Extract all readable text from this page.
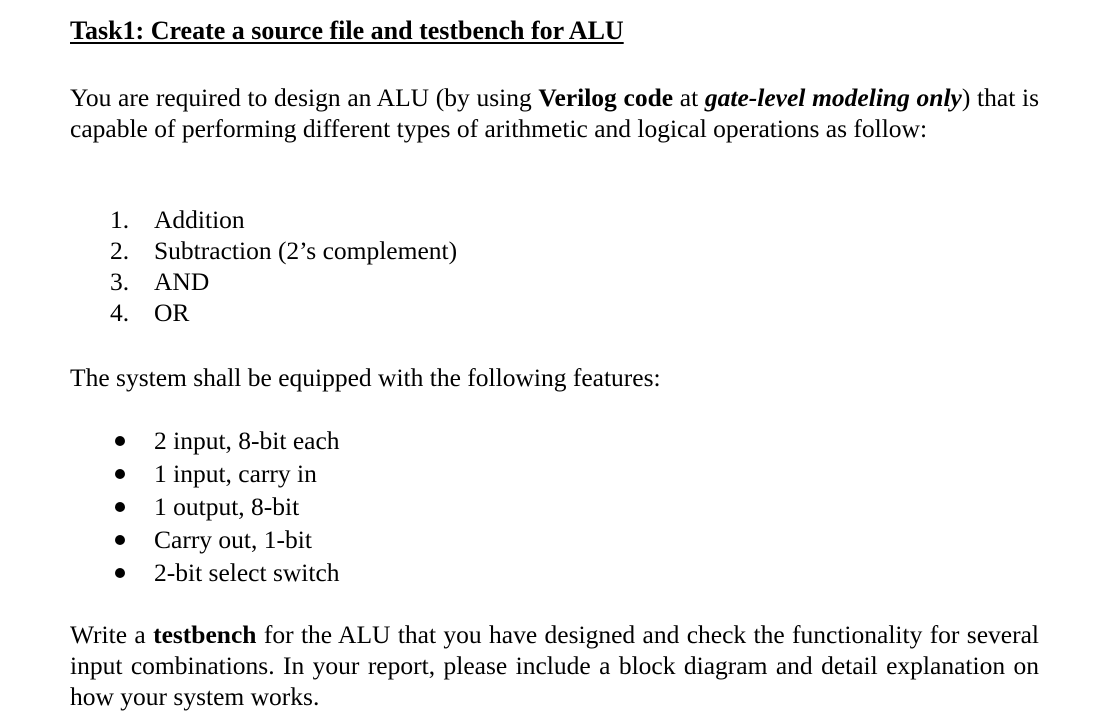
Task1: Create a source file and testbench for ALU
You are required to design an ALU (by using Verilog code at gate-level modeling only) that is capable of performing different types of arithmetic and logical operations as follow:
1. Addition
2. Subtraction (2’s complement)
3. AND
4. OR
The system shall be equipped with the following features:
2 input, 8-bit each
1 input, carry in
1 output, 8-bit
Carry out, 1-bit
2-bit select switch
Write a testbench for the ALU that you have designed and check the functionality for several input combinations. In your report, please include a block diagram and detail explanation on how your system works.
